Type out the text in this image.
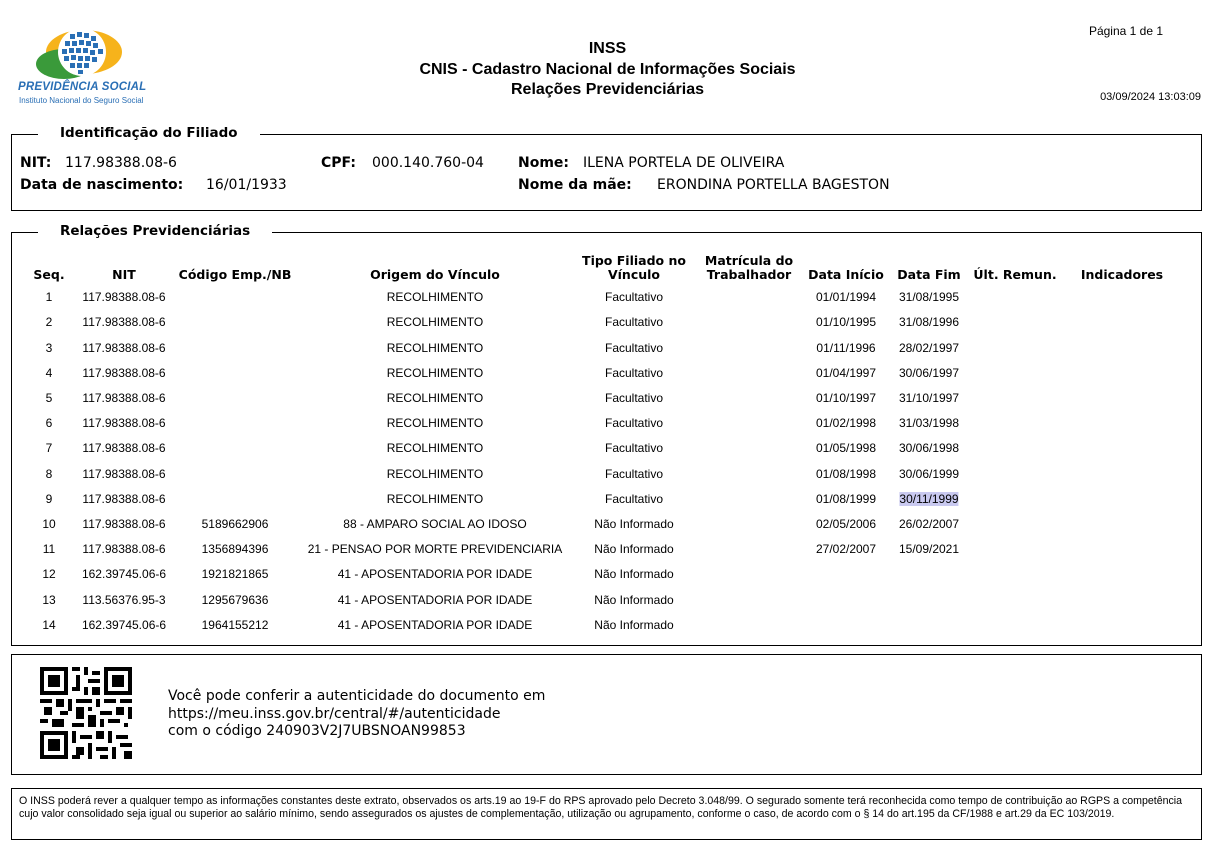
PREVIDÊNCIA SOCIAL
Instituto Nacional do Seguro Social
INSS
CNIS - Cadastro Nacional de Informações Sociais
Relações Previdenciárias
Página 1 de 1
03/09/2024 13:03:09
Identificação do Filiado
NIT: 117.98388.08-6	CPF: 000.140.760-04 Nome: ILENA PORTELA DE OLIVEIRA
Data de nascimento: 16/01/1933	Nome da mãe: ERONDINA PORTELLA BAGESTON
Relações Previdenciárias
Seq.	NIT	Código Emp./NB	Origem do Vínculo
Tipo Filiado no
Vínculo
Matrícula do
Trabalhador Data Início Data Fim Últ. Remun. Indicadores
1	117.98388.08-6	RECOLHIMENTO	Facultativo	01/01/1994 31/08/1995
2	117.98388.08-6	RECOLHIMENTO	Facultativo	01/10/1995 31/08/1996
3	117.98388.08-6	RECOLHIMENTO	Facultativo	01/11/1996 28/02/1997
4	117.98388.08-6	RECOLHIMENTO	Facultativo	01/04/1997 30/06/1997
5	117.98388.08-6	RECOLHIMENTO	Facultativo	01/10/1997 31/10/1997
6	117.98388.08-6	RECOLHIMENTO	Facultativo	01/02/1998 31/03/1998
7	117.98388.08-6	RECOLHIMENTO	Facultativo	01/05/1998 30/06/1998
8	117.98388.08-6	RECOLHIMENTO	Facultativo	01/08/1998 30/06/1999
9	117.98388.08-6	RECOLHIMENTO	Facultativo	01/08/1999 30/11/1999
10 117.98388.08-6	5189662906	88 - AMPARO SOCIAL AO IDOSO	Não Informado	02/05/2006 26/02/2007
11 117.98388.08-6	1356894396	21 - PENSAO POR MORTE PREVIDENCIARIA	Não Informado	27/02/2007 15/09/2021
12 162.39745.06-6	1921821865	41 - APOSENTADORIA POR IDADE	Não Informado
13 113.56376.95-3	1295679636	41 - APOSENTADORIA POR IDADE	Não Informado
14 162.39745.06-6	1964155212	41 - APOSENTADORIA POR IDADE	Não Informado
Você pode conferir a autenticidade do documento em
https://meu.inss.gov.br/central/#/autenticidade
com o código 240903V2J7UBSNOAN99853
O INSS poderá rever a qualquer tempo as informações constantes deste extrato, observados os arts.19 ao 19-F do RPS aprovado pelo Decreto 3.048/99. O segurado somente terá reconhecida como tempo de contribuição ao RGPS a competência cujo valor consolidado seja igual ou superior ao salário mínimo, sendo assegurados os ajustes de complementação, utilização ou agrupamento, conforme o caso, de acordo com o § 14 do art.195 da CF/1988 e art.29 da EC 103/2019.
